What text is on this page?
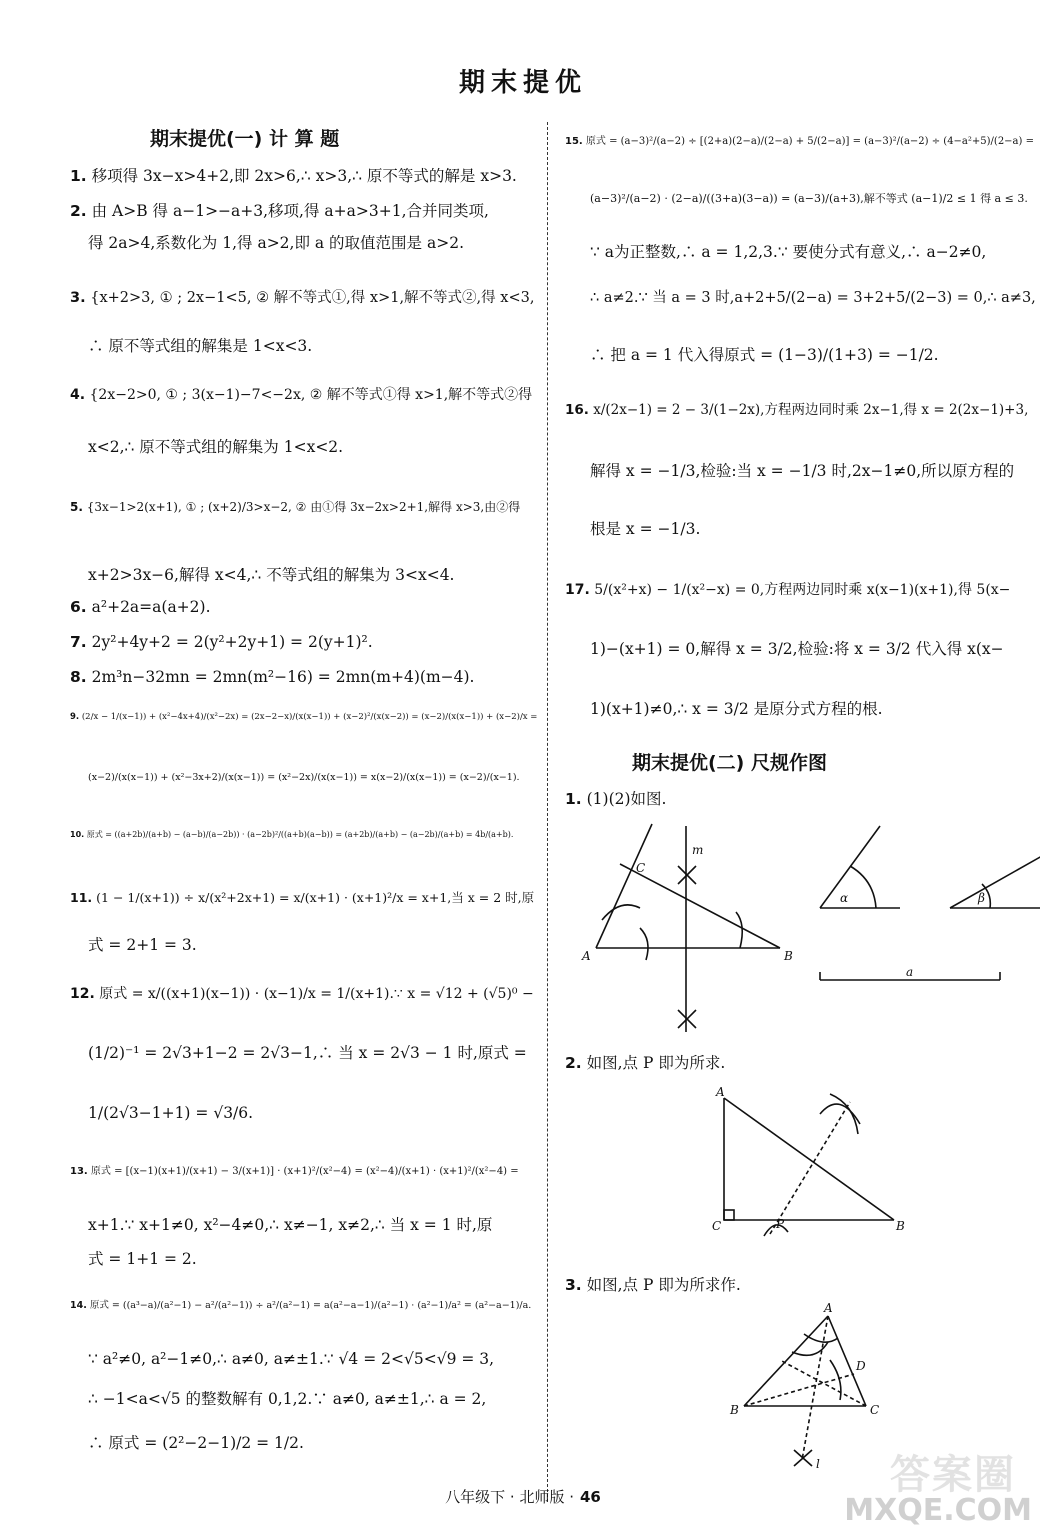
期末提优
期末提优(一) 计 算 题
1. 移项得 3x−x>4+2,即 2x>6,∴ x>3,∴ 原不等式的解是 x>3.
2. 由 A>B 得 a−1>−a+3,移项,得 a+a>3+1,合并同类项,
得 2a>4,系数化为 1,得 a>2,即 a 的取值范围是 a>2.
3. {x+2>3, ① ; 2x−1<5, ② 解不等式①,得 x>1,解不等式②,得 x<3,
∴ 原不等式组的解集是 1<x<3.
4. {2x−2>0, ① ; 3(x−1)−7<−2x, ② 解不等式①得 x>1,解不等式②得
x<2,∴ 原不等式组的解集为 1<x<2.
5. {3x−1>2(x+1), ① ; (x+2)/3>x−2, ② 由①得 3x−2x>2+1,解得 x>3,由②得
x+2>3x−6,解得 x<4,∴ 不等式组的解集为 3<x<4.
6. a²+2a=a(a+2).
7. 2y²+4y+2 = 2(y²+2y+1) = 2(y+1)².
8. 2m³n−32mn = 2mn(m²−16) = 2mn(m+4)(m−4).
9. (2/x − 1/(x−1)) + (x²−4x+4)/(x²−2x) = (2x−2−x)/(x(x−1)) + (x−2)²/(x(x−2)) = (x−2)/(x(x−1)) + (x−2)/x =
(x−2)/(x(x−1)) + (x²−3x+2)/(x(x−1)) = (x²−2x)/(x(x−1)) = x(x−2)/(x(x−1)) = (x−2)/(x−1).
10. 原式 = ((a+2b)/(a+b) − (a−b)/(a−2b)) · (a−2b)²/((a+b)(a−b)) = (a+2b)/(a+b) − (a−2b)/(a+b) = 4b/(a+b).
11. (1 − 1/(x+1)) ÷ x/(x²+2x+1) = x/(x+1) · (x+1)²/x = x+1,当 x = 2 时,原
式 = 2+1 = 3.
12. 原式 = x/((x+1)(x−1)) · (x−1)/x = 1/(x+1).∵ x = √12 + (√5)⁰ −
(1/2)⁻¹ = 2√3+1−2 = 2√3−1,∴ 当 x = 2√3 − 1 时,原式 =
1/(2√3−1+1) = √3/6.
13. 原式 = [(x−1)(x+1)/(x+1) − 3/(x+1)] · (x+1)²/(x²−4) = (x²−4)/(x+1) · (x+1)²/(x²−4) =
x+1.∵ x+1≠0, x²−4≠0,∴ x≠−1, x≠2,∴ 当 x = 1 时,原
式 = 1+1 = 2.
14. 原式 = ((a³−a)/(a²−1) − a²/(a²−1)) ÷ a²/(a²−1) = a(a²−a−1)/(a²−1) · (a²−1)/a² = (a²−a−1)/a.
∵ a²≠0, a²−1≠0,∴ a≠0, a≠±1.∵ √4 = 2<√5<√9 = 3,
∴ −1<a<√5 的整数解有 0,1,2.∵ a≠0, a≠±1,∴ a = 2,
∴ 原式 = (2²−2−1)/2 = 1/2.
15. 原式 = (a−3)²/(a−2) ÷ [(2+a)(2−a)/(2−a) + 5/(2−a)] = (a−3)²/(a−2) ÷ (4−a²+5)/(2−a) =
(a−3)²/(a−2) · (2−a)/((3+a)(3−a)) = (a−3)/(a+3),解不等式 (a−1)/2 ≤ 1 得 a ≤ 3.
∵ a为正整数,∴ a = 1,2,3.∵ 要使分式有意义,∴ a−2≠0,
∴ a≠2.∵ 当 a = 3 时,a+2+5/(2−a) = 3+2+5/(2−3) = 0,∴ a≠3,
∴ 把 a = 1 代入得原式 = (1−3)/(1+3) = −1/2.
16. x/(2x−1) = 2 − 3/(1−2x),方程两边同时乘 2x−1,得 x = 2(2x−1)+3,
解得 x = −1/3,检验:当 x = −1/3 时,2x−1≠0,所以原方程的
根是 x = −1/3.
17. 5/(x²+x) − 1/(x²−x) = 0,方程两边同时乘 x(x−1)(x+1),得 5(x−
1)−(x+1) = 0,解得 x = 3/2,检验:将 x = 3/2 代入得 x(x−
1)(x+1)≠0,∴ x = 3/2 是原分式方程的根.
期末提优(二) 尺规作图
1. (1)(2)如图.
A	B
C
m
α	β
a
2. 如图,点 P 即为所求.
A
C	B
P
3. 如图,点 P 即为所求作.
A
B	C
D
l
八年级下 · 北师版 · 46	答案圈
MXQE.COM
